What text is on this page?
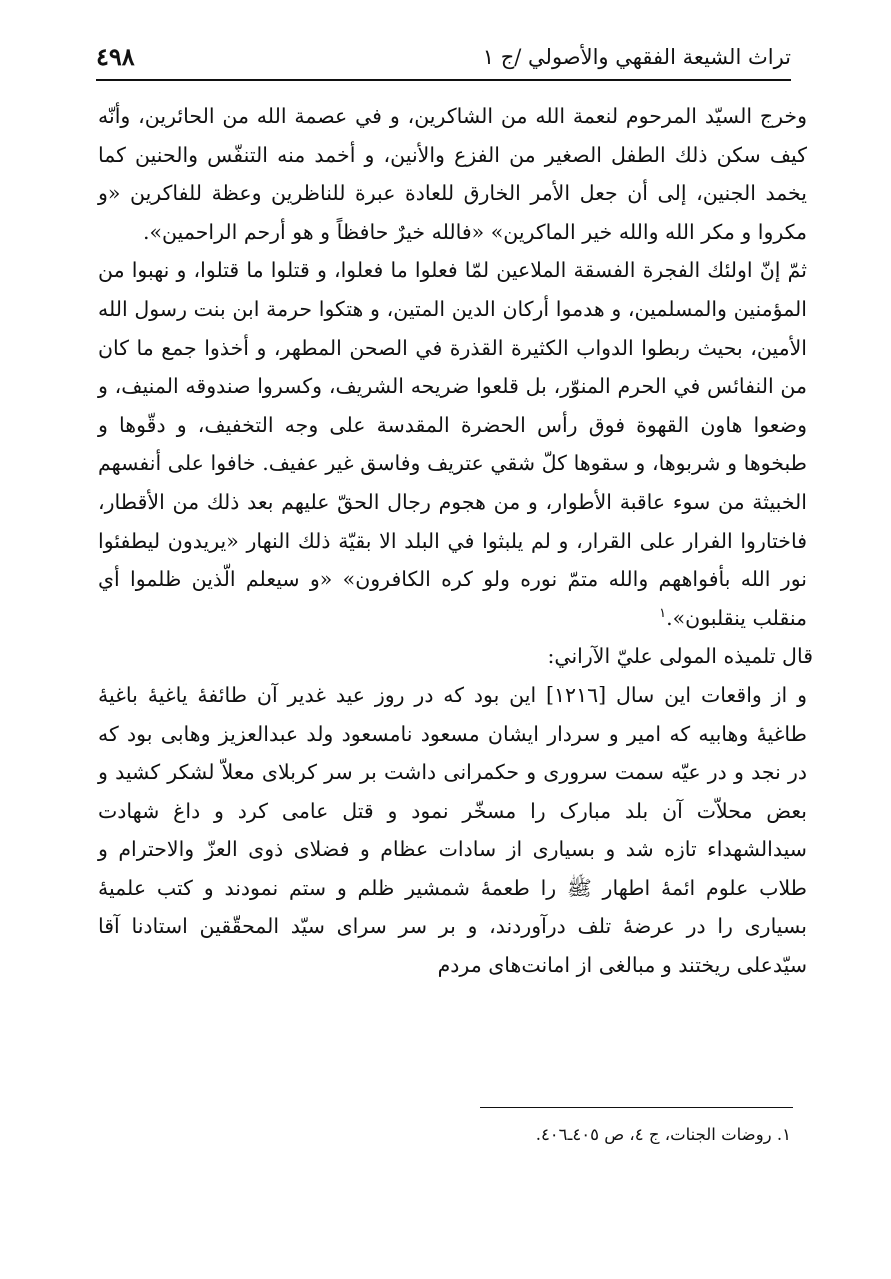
٤٩٨	تراث الشيعة الفقهي والأصولي /ج ١

وخرج السيّد المرحوم لنعمة الله من الشاكرين، و في عصمة الله من الحائرين، وأنّه كيف سكن ذلك الطفل الصغير من الفزع والأنين، و أخمد منه التنفّس والحنين كما يخمد الجنين، إلى أن جعل الأمر الخارق للعادة عبرة للناظرين وعظة للفاكرين «و مكروا و مكر الله والله خير الماكرين» «فالله خيرٌ حافظاً و هو أرحم الراحمين».

ثمّ إنّ اولئك الفجرة الفسقة الملاعين لمّا فعلوا ما فعلوا، و قتلوا ما قتلوا، و نهبوا من المؤمنين والمسلمين، و هدموا أركان الدين المتين، و هتكوا حرمة ابن بنت رسول الله الأمين، بحيث ربطوا الدواب الكثيرة القذرة في الصحن المطهر، و أخذوا جمع ما كان من النفائس في الحرم المنوّر، بل قلعوا ضريحه الشريف، وكسروا صندوقه المنيف، و وضعوا هاون القهوة فوق رأس الحضرة المقدسة على وجه التخفيف، و دقّوها و طبخوها و شربوها، و سقوها كلّ شقي عتريف وفاسق غير عفيف. خافوا على أنفسهم الخبيثة من سوء عاقبة الأطوار، و من هجوم رجال الحقّ عليهم بعد ذلك من الأقطار، فاختاروا الفرار على القرار، و لم يلبثوا في البلد الا بقيّة ذلك النهار «يريدون ليطفئوا نور الله بأفواههم والله متمّ نوره ولو كره الكافرون» «و سيعلم الّذين ظلموا أي منقلب ينقلبون».$^١$

قال تلميذه المولى عليّ الآراني:

و از واقعات این سال [١٢١٦] این بود که در روز عید غدیر آن طائفهٔ یاغیهٔ باغیهٔ طاغیهٔ وهابیه که امیر و سردار ایشان مسعود نامسعود ولد عبدالعزیز وهابی بود که در نجد و در عیّه سمت سروری و حکمرانی داشت بر سر کربلای معلاّ لشکر کشید و بعض محلاّت آن بلد مبارک را مسخّر نمود و قتل عامی کرد و داغ شهادت سیدالشهداء تازه شد و بسیاری از سادات عظام و فضلای ذوی العزّ والاحترام و طلاب علوم ائمهٔ اطهار ﷺ را طعمهٔ شمشیر ظلم و ستم نمودند و کتب علمیهٔ بسیاری را در عرضهٔ تلف درآوردند، و بر سر سرای سیّد المحقّقین استادنا آقا سیّدعلی ریختند و مبالغی از امانت‌های مردم

١. روضات الجنات، ج ٤، ص ٤٠٥ـ٤٠٦.
